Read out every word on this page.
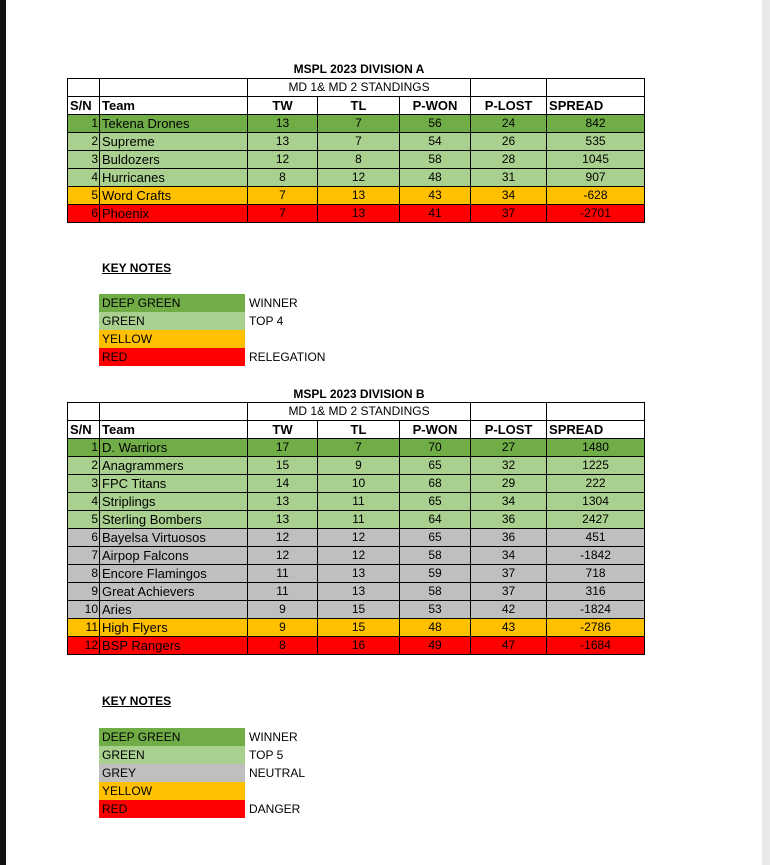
MSPL 2023 DIVISION A
		MD 1& MD 2 STANDINGS				
S/N	Team	TW	TL	P-WON	P-LOST	SPREAD
1	Tekena Drones	13	7	56	24	842
2	Supreme	13	7	54	26	535
3	Buldozers	12	8	58	28	1045
4	Hurricanes	8	12	48	31	907
5	Word Crafts	7	13	43	34	-628
6	Phoenix	7	13	41	37	-2701
KEY NOTES
DEEP GREEN	WINNER
GREEN	TOP 4
YELLOW
RED	RELEGATION
MSPL 2023 DIVISION B
		MD 1& MD 2 STANDINGS				
S/N	Team	TW	TL	P-WON	P-LOST	SPREAD
1	D. Warriors	17	7	70	27	1480
2	Anagrammers	15	9	65	32	1225
3	FPC Titans	14	10	68	29	222
4	Striplings	13	11	65	34	1304
5	Sterling Bombers	13	11	64	36	2427
6	Bayelsa Virtuosos	12	12	65	36	451
7	Airpop Falcons	12	12	58	34	-1842
8	Encore Flamingos	11	13	59	37	718
9	Great Achievers	11	13	58	37	316
10	Aries	9	15	53	42	-1824
11	High Flyers	9	15	48	43	-2786
12	BSP Rangers	8	16	49	47	-1684
KEY NOTES
DEEP GREEN	WINNER
GREEN	TOP 5
GREY	NEUTRAL
YELLOW
RED	DANGER
